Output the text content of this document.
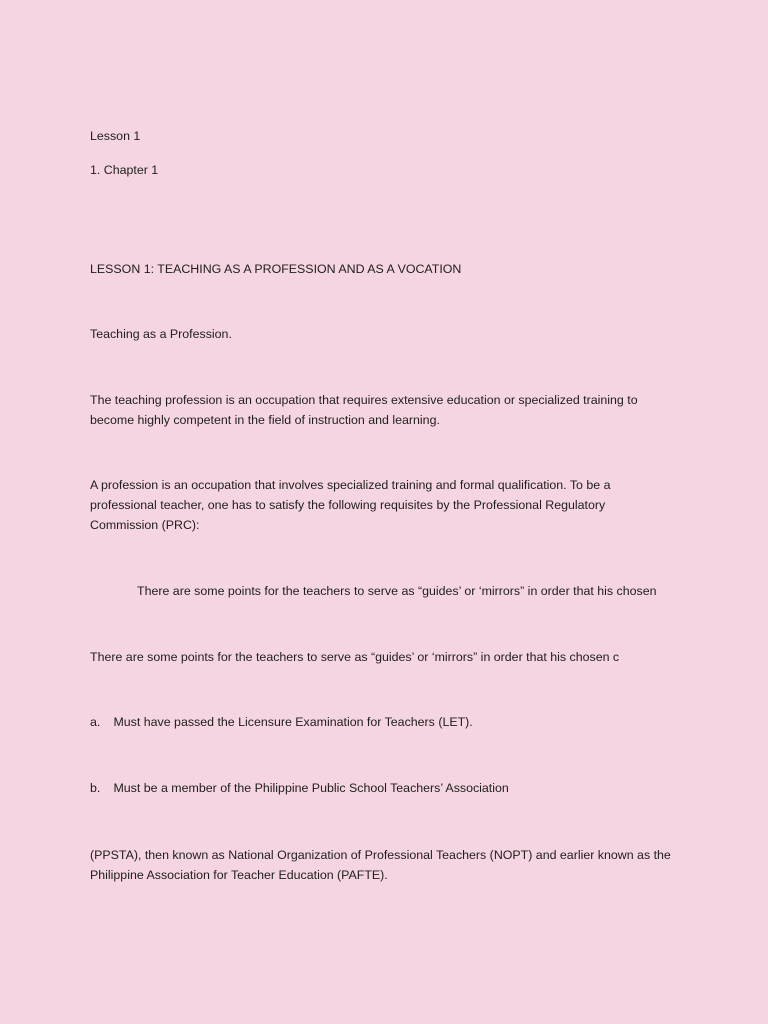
Lesson 1
1. Chapter 1
LESSON 1: TEACHING AS A PROFESSION AND AS A VOCATION
Teaching as a Profession.
The teaching profession is an occupation that requires extensive education or specialized training to
become highly competent in the field of instruction and learning.
A profession is an occupation that involves specialized training and formal qualification. To be a
professional teacher, one has to satisfy the following requisites by the Professional Regulatory
Commission (PRC):
There are some points for the teachers to serve as “guides’ or ‘mirrors” in order that his chosen
There are some points for the teachers to serve as “guides’ or ‘mirrors” in order that his chosen c
a. Must have passed the Licensure Examination for Teachers (LET).
b. Must be a member of the Philippine Public School Teachers’ Association
(PPSTA), then known as National Organization of Professional Teachers (NOPT) and earlier known as the
Philippine Association for Teacher Education (PAFTE).
